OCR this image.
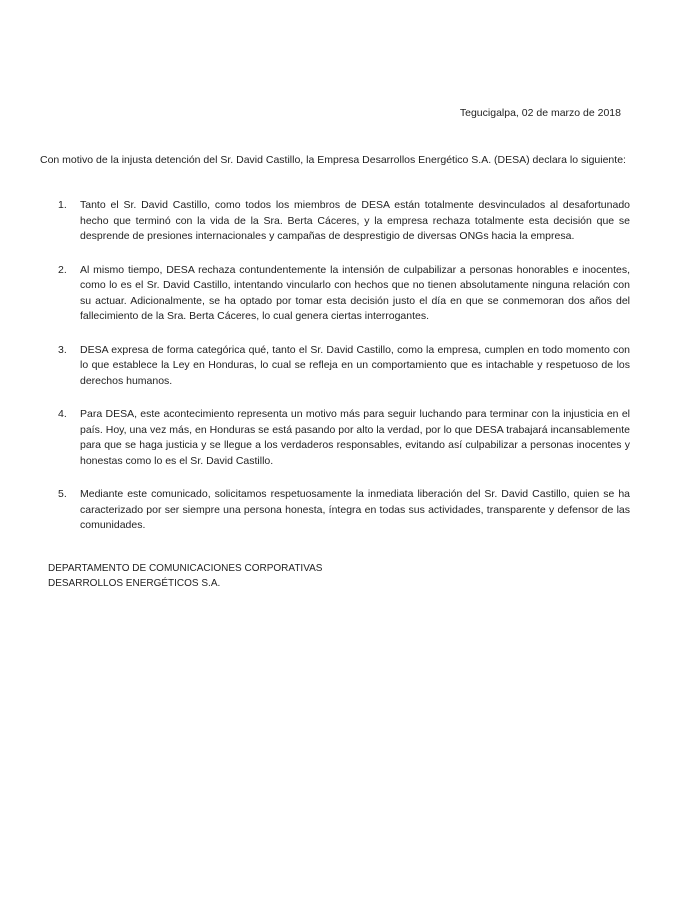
Tegucigalpa, 02 de marzo de 2018

Con motivo de la injusta detención del Sr. David Castillo, la Empresa Desarrollos Energético S.A. (DESA) declara lo siguiente:

1.	Tanto el Sr. David Castillo, como todos los miembros de DESA están totalmente desvinculados al desafortunado hecho que terminó con la vida de la Sra. Berta Cáceres, y la empresa rechaza totalmente esta decisión que se desprende de presiones internacionales y campañas de desprestigio de diversas ONGs hacia la empresa.

2.	Al mismo tiempo, DESA rechaza contundentemente la intensión de culpabilizar a personas honorables e inocentes, como lo es el Sr. David Castillo, intentando vincularlo con hechos que no tienen absolutamente ninguna relación con su actuar. Adicionalmente, se ha optado por tomar esta decisión justo el día en que se conmemoran dos años del fallecimiento de la Sra. Berta Cáceres, lo cual genera ciertas interrogantes.

3.	DESA expresa de forma categórica qué, tanto el Sr. David Castillo, como la empresa, cumplen en todo momento con lo que establece la Ley en Honduras, lo cual se refleja en un comportamiento que es intachable y respetuoso de los derechos humanos.

4.	Para DESA, este acontecimiento representa un motivo más para seguir luchando para terminar con la injusticia en el país. Hoy, una vez más, en Honduras se está pasando por alto la verdad, por lo que DESA trabajará incansablemente para que se haga justicia y se llegue a los verdaderos responsables, evitando así culpabilizar a personas inocentes y honestas como lo es el Sr. David Castillo.

5.	Mediante este comunicado, solicitamos respetuosamente la inmediata liberación del Sr. David Castillo, quien se ha caracterizado por ser siempre una persona honesta, íntegra en todas sus actividades, transparente y defensor de las comunidades.

DEPARTAMENTO DE COMUNICACIONES CORPORATIVAS
DESARROLLOS ENERGÉTICOS S.A.
